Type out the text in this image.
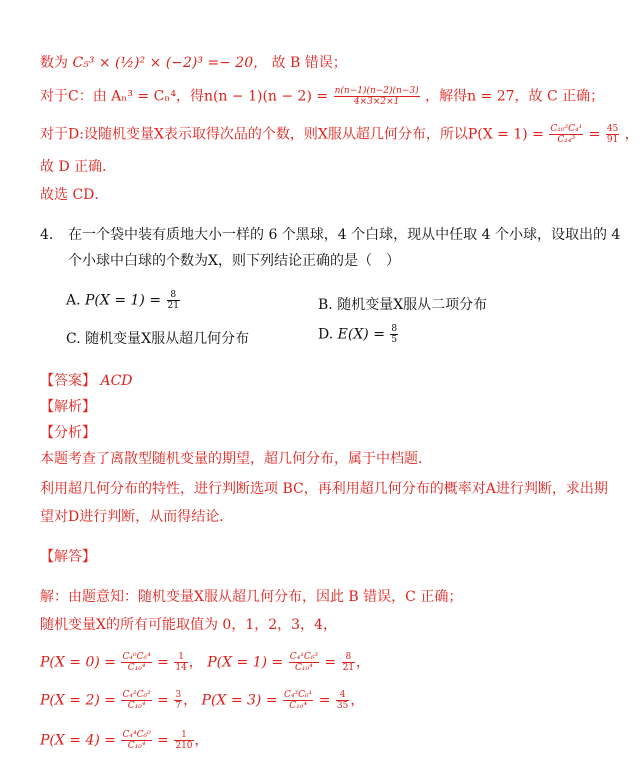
数为 C₅³ × (½)² × (−2)³ =− 20， 故 B 错误；
对于C：由 Aₙ³ = Cₙ⁴，得$n(n - 1)(n - 2) = \frac{n(n-1)(n-2)(n-3)}{4\times 3\times 2\times 1}$ ，解得n = 27，故 C 正确；
对于D:设随机变量X表示取得次品的个数，则X服从超几何分布，所以$P(X = 1) = \frac{\text{C₁₀²C₄¹}}{\text{C₁₄³}} = \frac{45}{91}$ ，
故 D 正确．
故选 CD．
4. 在一个袋中装有质地大小一样的 6 个黑球，4 个白球，现从中任取 4 个小球，设取出的 4
个小球中白球的个数为X，则下列结论正确的是（　）
A. $P(X = 1) = \frac{8}{21}$	B. 随机变量X服从二项分布
C. 随机变量X服从超几何分布	D. $E(X) = \frac{8}{5}$
【答案】 ACD
【解析】
【分析】
本题考查了离散型随机变量的期望，超几何分布，属于中档题．
利用超几何分布的特性，进行判断选项 BC，再利用超几何分布的概率对A进行判断，求出期
望对D进行判断，从而得结论．
【解答】
解：由题意知：随机变量X服从超几何分布，因此 B 错误，C 正确；
随机变量X的所有可能取值为 0，1，2，3，4，
$P(X = 0) = \frac{\text{C₄⁰C₆⁴}}{\text{C₁₀⁴}} = \frac{1}{14}$ ， $P(X = 1) = \frac{\text{C₄¹C₆³}}{\text{C₁₀⁴}} = \frac{8}{21}$ ，
$P(X = 2) = \frac{\text{C₄²C₆²}}{\text{C₁₀⁴}} = \frac{3}{7}$ ， $P(X = 3) = \frac{\text{C₄³C₆¹}}{\text{C₁₀⁴}} = \frac{4}{35}$ ，
$P(X = 4) = \frac{\text{C₄⁴C₆⁰}}{\text{C₁₀⁴}} = \frac{1}{210}$ ，
